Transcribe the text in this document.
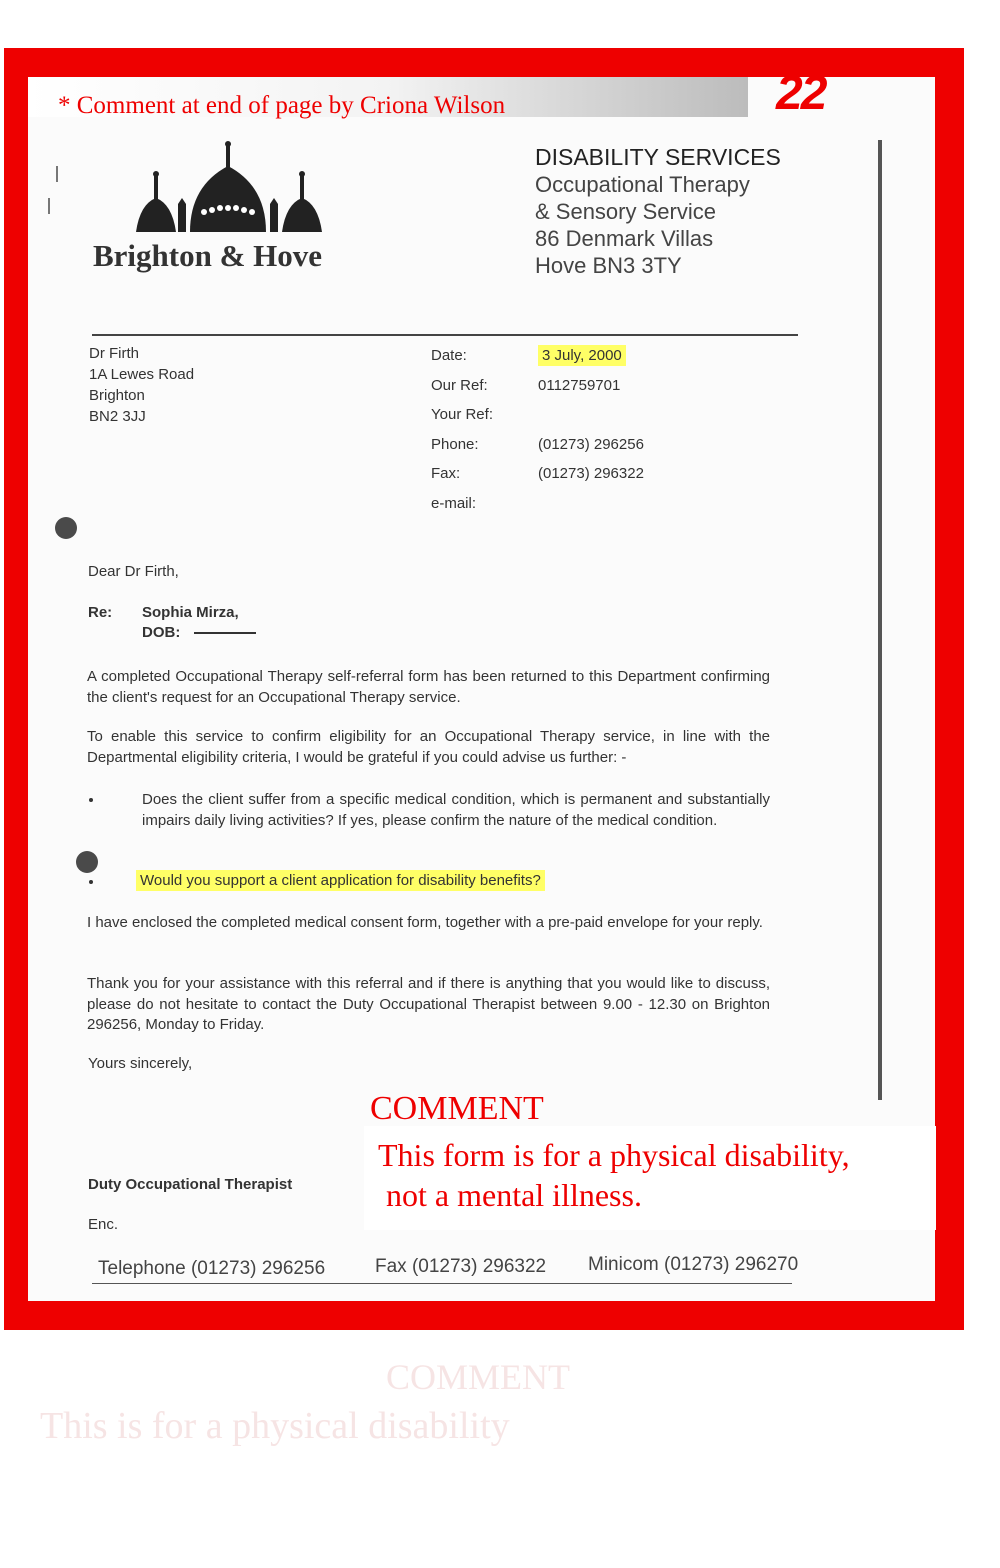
* Comment at end of page by Criona Wilson	22
Brighton & Hove
DISABILITY SERVICES
Occupational Therapy
& Sensory Service
86 Denmark Villas
Hove BN3 3TY
Dr Firth
1A Lewes Road
Brighton
BN2 3JJ
Date:
Our Ref:
Your Ref:
Phone:
Fax:
e-mail:
3 July, 2000
0112759701

(01273) 296256
(01273) 296322

Dear Dr Firth,
Re: Sophia Mirza,
DOB:
A completed Occupational Therapy self-referral form has been returned to this Department confirming the client's request for an Occupational Therapy service.
To enable this service to confirm eligibility for an Occupational Therapy service, in line with the Departmental eligibility criteria, I would be grateful if you could advise us further: -
Does the client suffer from a specific medical condition, which is permanent and substantially impairs daily living activities? If yes, please confirm the nature of the medical condition.
Would you support a client application for disability benefits?
I have enclosed the completed medical consent form, together with a pre-paid envelope for your reply.
Thank you for your assistance with this referral and if there is anything that you would like to discuss, please do not hesitate to contact the Duty Occupational Therapist between 9.00 - 12.30 on Brighton 296256, Monday to Friday.
Yours sincerely,
COMMENT
This form is for a physical disability,
not a mental illness.
Duty Occupational Therapist
Enc.
Telephone (01273) 296256	Fax (01273) 296322 Minicom (01273) 296270
COMMENT
This is for a physical disability
